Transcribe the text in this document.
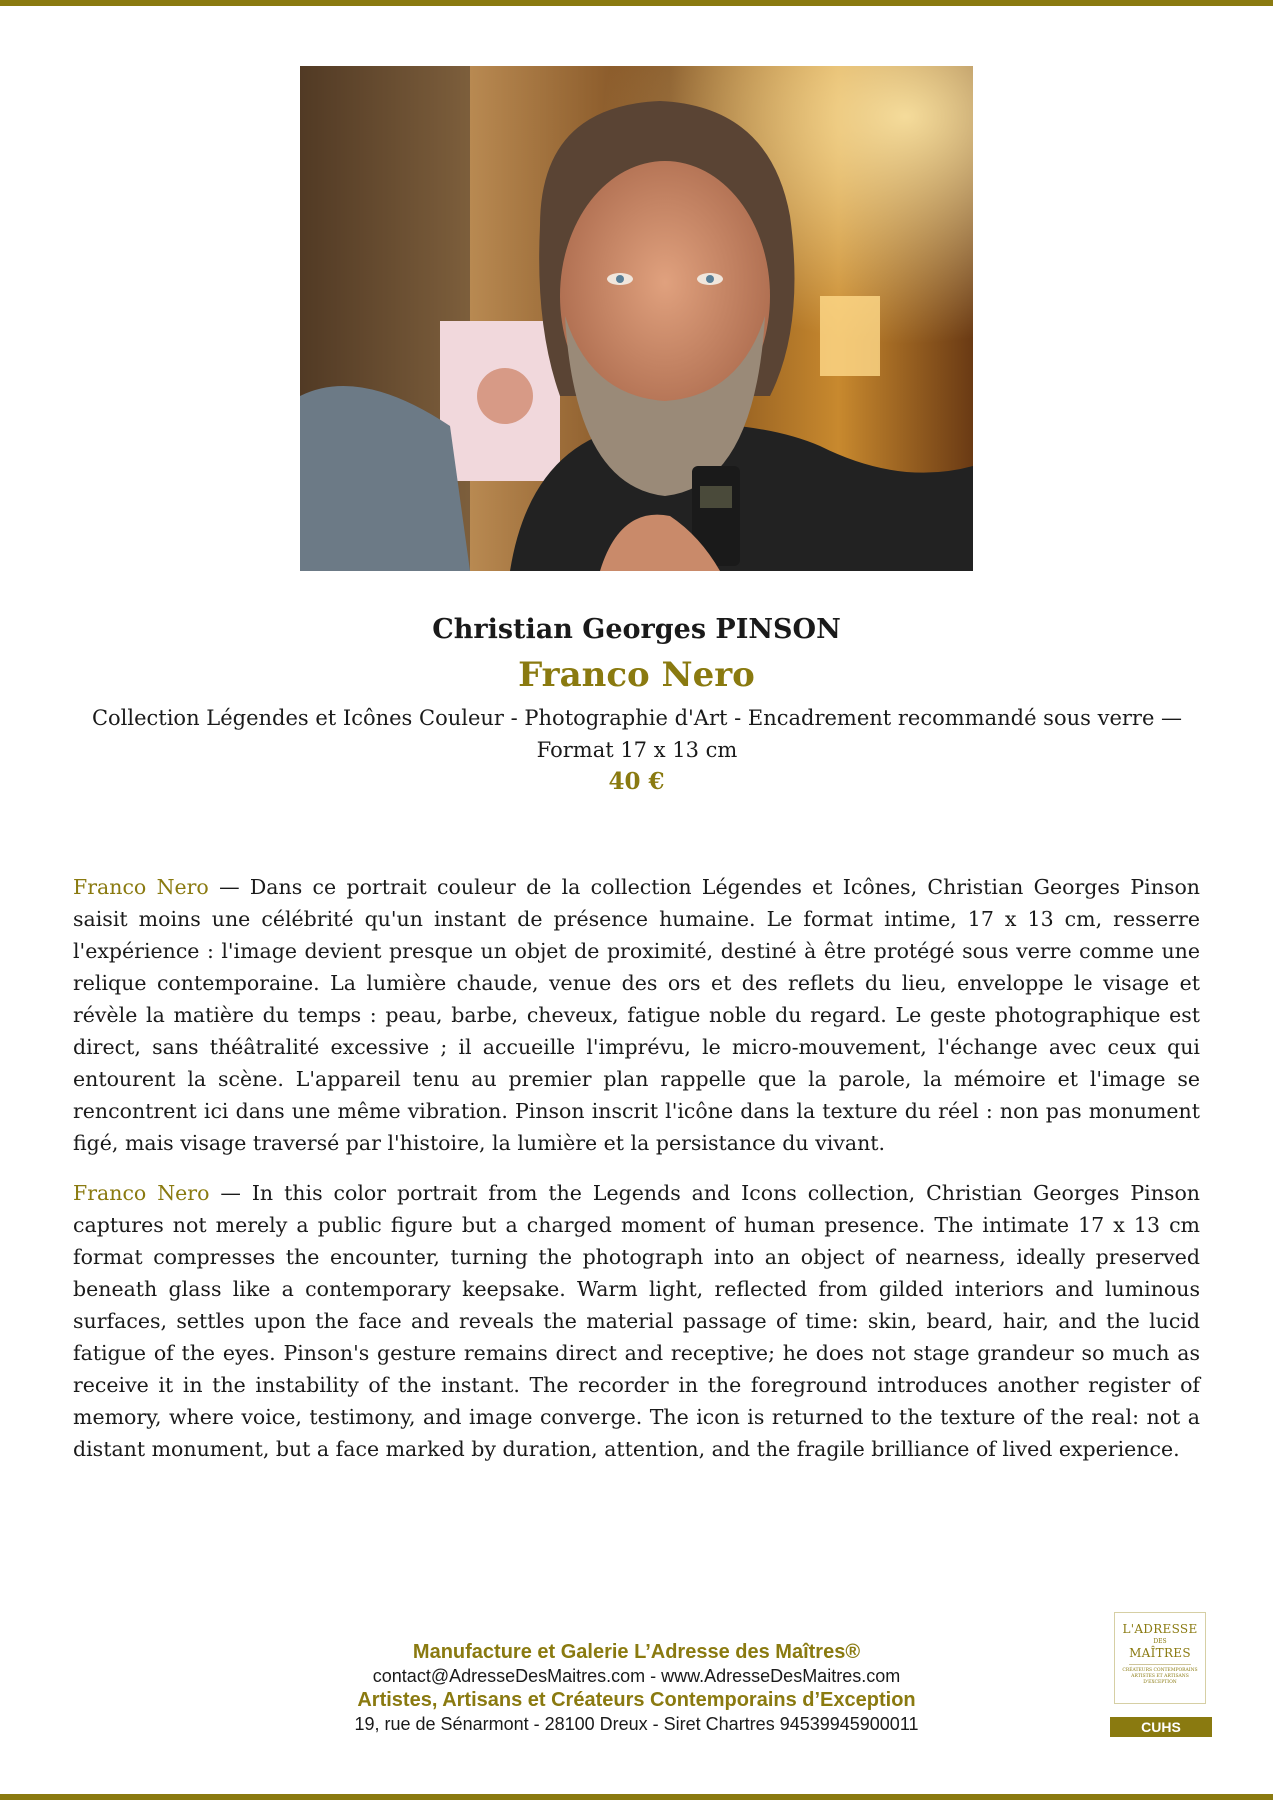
Christian Georges PINSON
Franco Nero
Collection Légendes et Icônes Couleur - Photographie d'Art - Encadrement recommandé sous verre — Format 17 x 13 cm
40 €

Franco Nero — Dans ce portrait couleur de la collection Légendes et Icônes, Christian Georges Pinson saisit moins une célébrité qu'un instant de présence humaine. Le format intime, 17 x 13 cm, resserre l'expérience : l'image devient presque un objet de proximité, destiné à être protégé sous verre comme une relique contemporaine. La lumière chaude, venue des ors et des reflets du lieu, enveloppe le visage et révèle la matière du temps : peau, barbe, cheveux, fatigue noble du regard. Le geste photographique est direct, sans théâtralité excessive ; il accueille l'imprévu, le micro-mouvement, l'échange avec ceux qui entourent la scène. L'appareil tenu au premier plan rappelle que la parole, la mémoire et l'image se rencontrent ici dans une même vibration. Pinson inscrit l'icône dans la texture du réel : non pas monument figé, mais visage traversé par l'histoire, la lumière et la persistance du vivant.

Franco Nero — In this color portrait from the Legends and Icons collection, Christian Georges Pinson captures not merely a public figure but a charged moment of human presence. The intimate 17 x 13 cm format compresses the encounter, turning the photograph into an object of nearness, ideally preserved beneath glass like a contemporary keepsake. Warm light, reflected from gilded interiors and luminous surfaces, settles upon the face and reveals the material passage of time: skin, beard, hair, and the lucid fatigue of the eyes. Pinson's gesture remains direct and receptive; he does not stage grandeur so much as receive it in the instability of the instant. The recorder in the foreground introduces another register of memory, where voice, testimony, and image converge. The icon is returned to the texture of the real: not a distant monument, but a face marked by duration, attention, and the fragile brilliance of lived experience.

Manufacture et Galerie L’Adresse des Maîtres®
contact@AdresseDesMaitres.com - www.AdresseDesMaitres.com
Artistes, Artisans et Créateurs Contemporains d’Exception
19, rue de Sénarmont - 28100 Dreux - Siret Chartres 94539945900011
L'ADRESSE
DES
MAÎTRES
CRÉATEURS CONTEMPORAINS ARTISTES ET ARTISANS D'EXCEPTION
CUHS
